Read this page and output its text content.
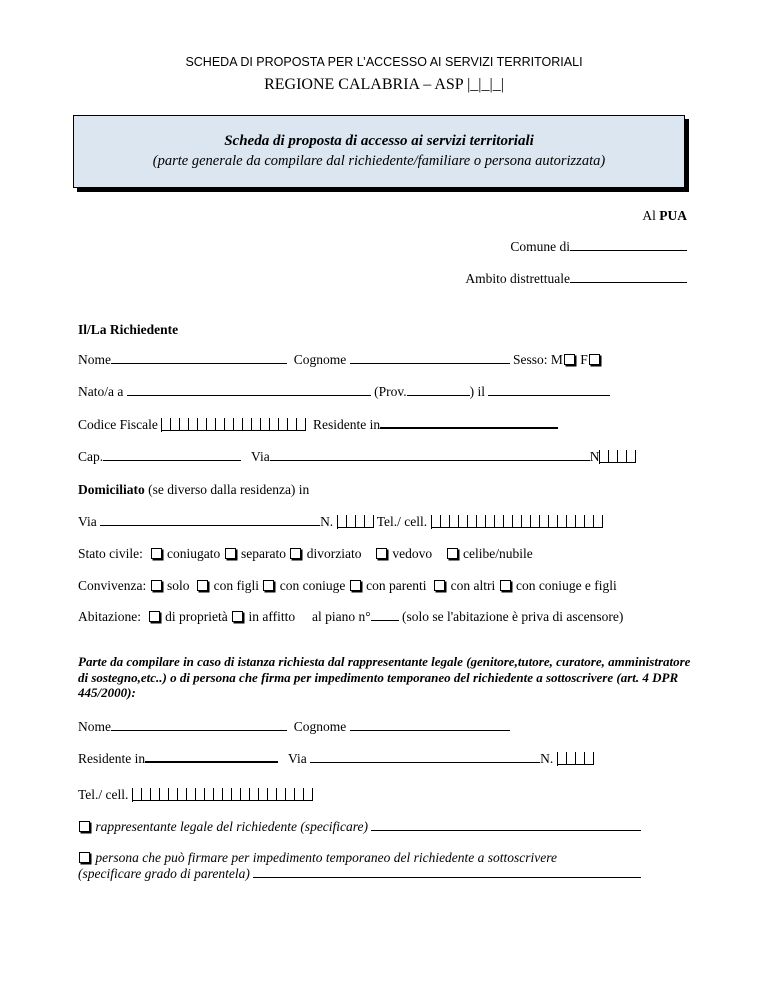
SCHEDA DI PROPOSTA PER L’ACCESSO AI SERVIZI TERRITORIALI
REGIONE CALABRIA – ASP |_|_|_|
Scheda di proposta di accesso ai servizi territoriali
(parte generale da compilare dal richiedente/familiare o persona autorizzata)
Al PUA
Comune di
Ambito distrettuale
Il/La Richiedente
Nome	Cognome	Sesso: M F
Nato/a a	(Prov.	) il
Codice Fiscale	Residente in
Cap.	Via	N
Domiciliato (se diverso dalla residenza) in
Via	N.	Tel./ cell.
Stato civile: coniugato separato divorziato vedovo celibe/nubile
Convivenza: solo con figli con coniuge con parenti con altri con coniuge e figli
Abitazione: di proprietà in affitto al piano n° (solo se l'abitazione è priva di ascensore)
Parte da compilare in caso di istanza richiesta dal rappresentante legale (genitore,tutore, curatore, amministratore di sostegno,etc..) o di persona che firma per impedimento temporaneo del richiedente a sottoscrivere (art. 4 DPR 445/2000):
Nome	Cognome
Residente in	Via	N.
Tel./ cell.
rappresentante legale del richiedente (specificare)
persona che può firmare per impedimento temporaneo del richiedente a sottoscrivere
(specificare grado di parentela)
